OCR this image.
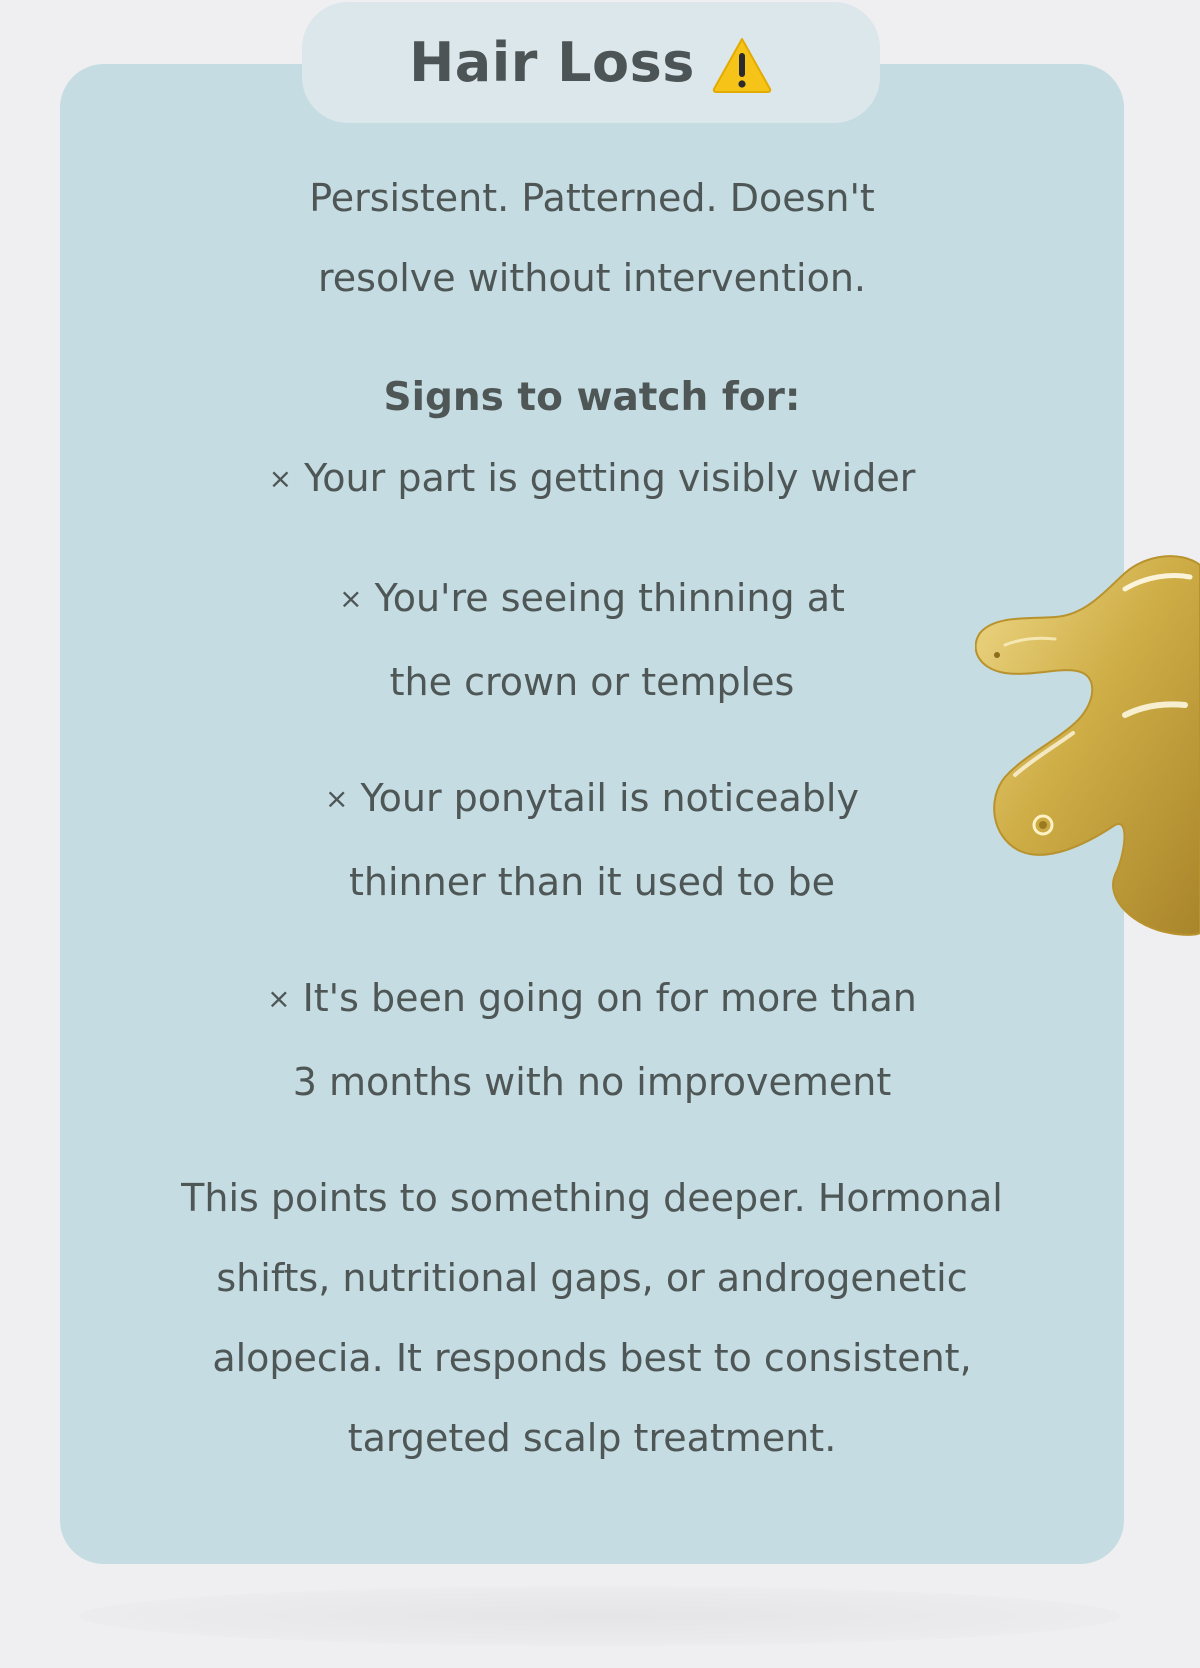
Hair Loss

Persistent. Patterned. Doesn't
resolve without intervention.

Signs to watch for:

× Your part is getting visibly wider

× You're seeing thinning at
the crown or temples

× Your ponytail is noticeably
thinner than it used to be

× It's been going on for more than
3 months with no improvement

This points to something deeper. Hormonal
shifts, nutritional gaps, or androgenetic
alopecia. It responds best to consistent,
targeted scalp treatment.
